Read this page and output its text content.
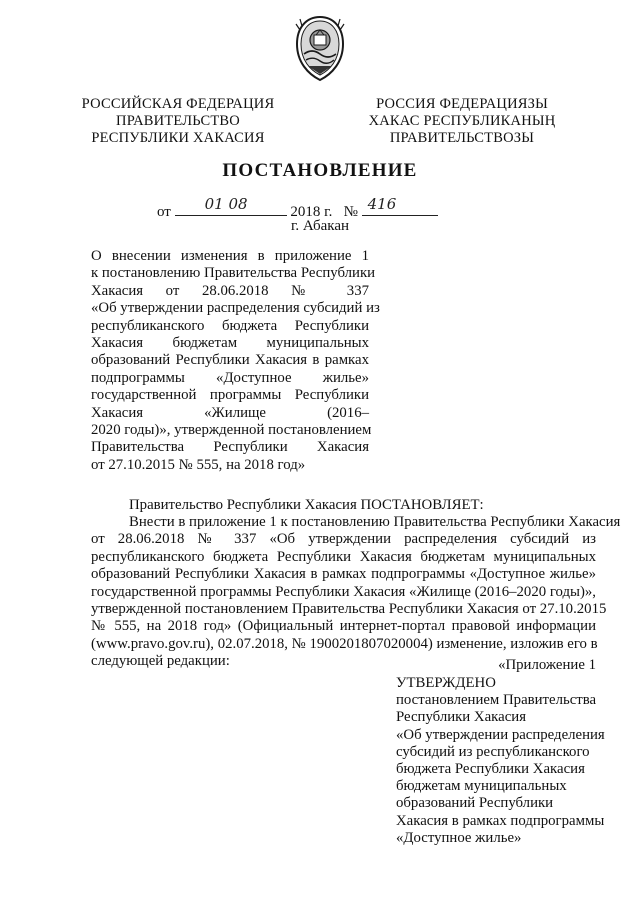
РОССИЙСКАЯ ФЕДЕРАЦИЯ
ПРАВИТЕЛЬСТВО
РЕСПУБЛИКИ ХАКАСИЯ
РОССИЯ ФЕДЕРАЦИЯЗЫ
ХАКАС РЕСПУБЛИКАНЫҢ
ПРАВИТЕЛЬСТВОЗЫ
ПОСТАНОВЛЕНИЕ
от 01 08	2018 г. № 416
г. Абакан
О внесении изменения в приложение 1
к постановлению Правительства Республики
Хакасия от 28.06.2018 № 337
«Об утверждении распределения субсидий из
республиканского бюджета Республики
Хакасия бюджетам муниципальных
образований Республики Хакасия в рамках
подпрограммы «Доступное жилье»
государственной программы Республики
Хакасия «Жилище (2016–
2020 годы)», утвержденной постановлением
Правительства Республики Хакасия
от 27.10.2015 № 555, на 2018 год»
Правительство Республики Хакасия ПОСТАНОВЛЯЕТ:
Внести в приложение 1 к постановлению Правительства Республики Хакасия
от 28.06.2018 № 337 «Об утверждении распределения субсидий из
республиканского бюджета Республики Хакасия бюджетам муниципальных
образований Республики Хакасия в рамках подпрограммы «Доступное жилье»
государственной программы Республики Хакасия «Жилище (2016–2020 годы)»,
утвержденной постановлением Правительства Республики Хакасия от 27.10.2015
№ 555, на 2018 год» (Официальный интернет-портал правовой информации
(www.pravo.gov.ru), 02.07.2018, № 1900201807020004) изменение, изложив его в
следующей редакции:	«Приложение 1
УТВЕРЖДЕНО
постановлением Правительства
Республики Хакасия
«Об утверждении распределения
субсидий из республиканского
бюджета Республики Хакасия
бюджетам муниципальных
образований Республики
Хакасия в рамках подпрограммы
«Доступное жилье»
